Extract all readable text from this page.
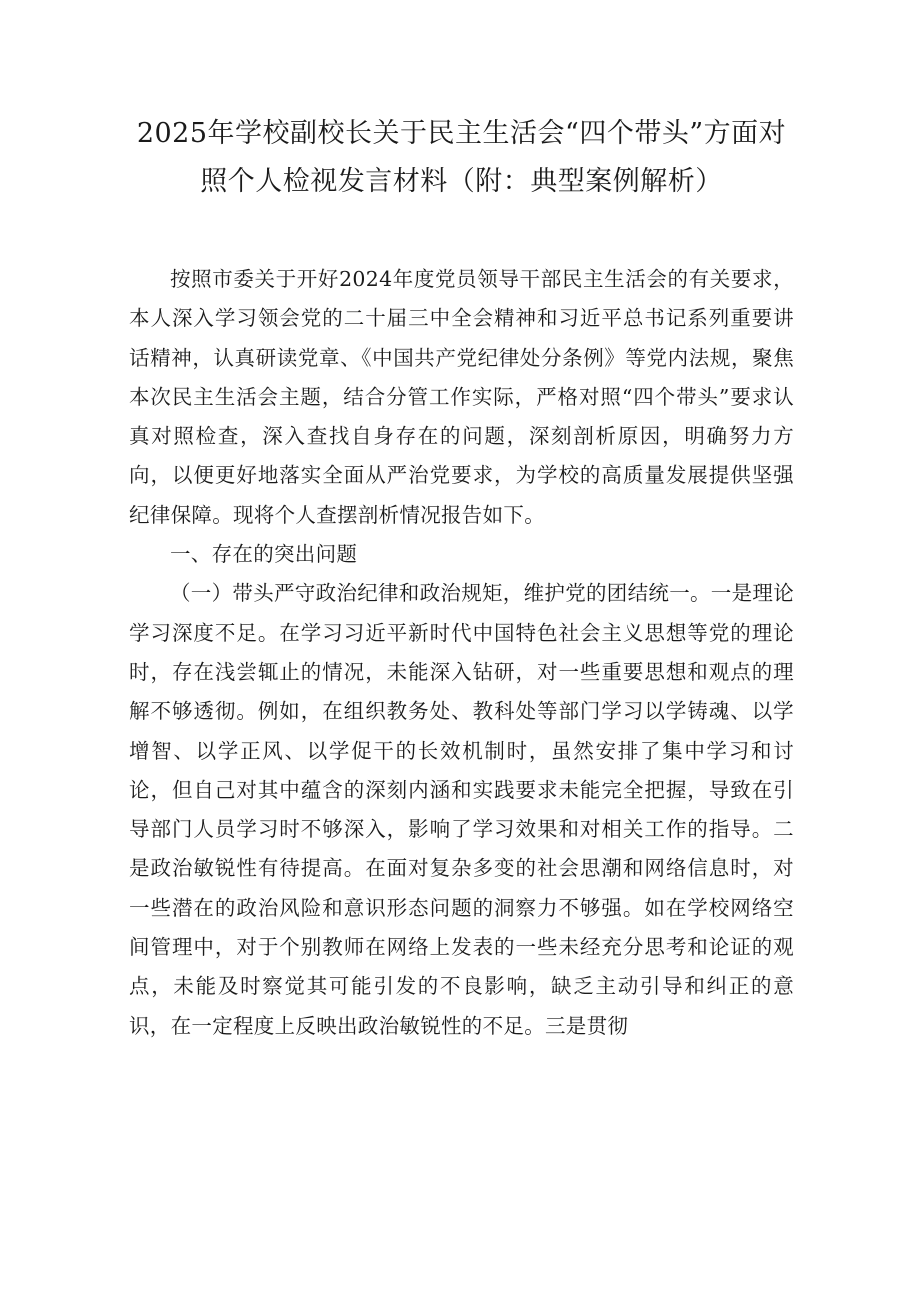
2025年学校副校长关于民主生活会“四个带头”方面对照个人检视发言材料（附：典型案例解析）

按照市委关于开好2024年度党员领导干部民主生活会的有关要求，本人深入学习领会党的二十届三中全会精神和习近平总书记系列重要讲话精神，认真研读党章、《中国共产党纪律处分条例》等党内法规，聚焦本次民主生活会主题，结合分管工作实际，严格对照“四个带头”要求认真对照检查，深入查找自身存在的问题，深刻剖析原因，明确努力方向，以便更好地落实全面从严治党要求，为学校的高质量发展提供坚强纪律保障。现将个人查摆剖析情况报告如下。

一、存在的突出问题

（一）带头严守政治纪律和政治规矩，维护党的团结统一。一是理论学习深度不足。在学习习近平新时代中国特色社会主义思想等党的理论时，存在浅尝辄止的情况，未能深入钻研，对一些重要思想和观点的理解不够透彻。例如，在组织教务处、教科处等部门学习以学铸魂、以学增智、以学正风、以学促干的长效机制时，虽然安排了集中学习和讨论，但自己对其中蕴含的深刻内涵和实践要求未能完全把握，导致在引导部门人员学习时不够深入，影响了学习效果和对相关工作的指导。二是政治敏锐性有待提高。在面对复杂多变的社会思潮和网络信息时，对一些潜在的政治风险和意识形态问题的洞察力不够强。如在学校网络空间管理中，对于个别教师在网络上发表的一些未经充分思考和论证的观点，未能及时察觉其可能引发的不良影响，缺乏主动引导和纠正的意识，在一定程度上反映出政治敏锐性的不足。三是贯彻
